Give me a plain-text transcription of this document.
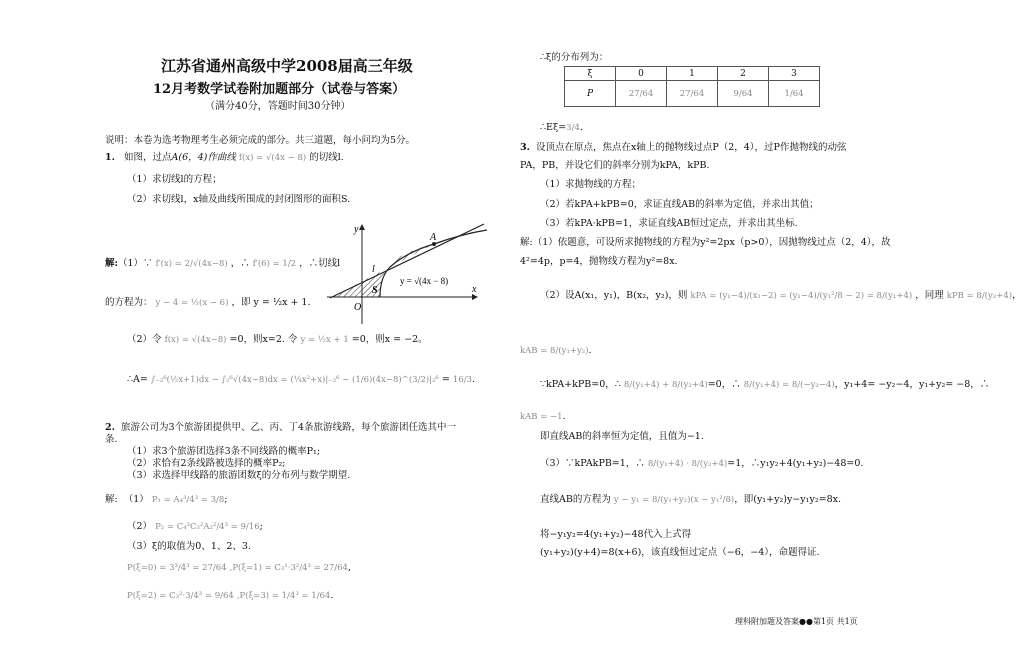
江苏省通州高级中学2008届高三年级
12月考数学试卷附加题部分（试卷与答案）
（满分40分，答题时间30分钟）
说明：本卷为选考物理考生必须完成的部分。共三道题，每小问均为5分。
1. 如图，过点A(6，4)作曲线 f(x) = √(4x − 8) 的切线l.
（1）求切线l的方程；
（2）求切线l，x轴及曲线所围成的封闭图形的面积S.
y
x
O
A
l
S
y = √(4x − 8)
解:（1）∵ f′(x) = 2/√(4x−8) ，∴ f′(6) = 1/2 ，∴切线l
的方程为： y − 4 = ½(x − 6) ，即 y = ½x + 1.
（2）令 f(x) = √(4x−8) =0，则x=2. 令 y = ½x + 1 =0，则x = −2。
∴A= ∫₋₂⁶(½x+1)dx − ∫₂⁶√(4x−8)dx = (¼x²+x)|₋₂⁶ − (1/6)(4x−8)^(3/2)|₂⁶ = 16/3.
2. 旅游公司为3个旅游团提供甲、乙、丙、丁4条旅游线路，每个旅游团任选其中一
条.
（1）求3个旅游团选择3条不同线路的概率P₁;
（2）求恰有2条线路被选择的概率P₂;
（3）求选择甲线路的旅游团数ξ的分布列与数学期望.
解: （1） P₁ = A₄³/4³ = 3/8;
（2） P₂ = C₄²C₃²A₂²/4³ = 9/16;
（3）ξ的取值为0、1、2、3.
P(ξ=0) = 3³/4³ = 27/64 ,P(ξ=1) = C₃¹·3²/4³ = 27/64,
P(ξ=2) = C₃²·3/4³ = 9/64 ,P(ξ=3) = 1/4³ = 1/64.
∴ξ的分布列为：
ξ	0	1	2	3
P	27/64	27/64	9/64	1/64
∴Eξ=3/4.
3. 设顶点在原点，焦点在x轴上的抛物线过点P（2，4），过P作抛物线的动弦
PA，PB，并设它们的斜率分别为kPA，kPB.
（1）求抛物线的方程；
（2）若kPA+kPB=0，求证直线AB的斜率为定值，并求出其值；
（3）若kPA·kPB=1，求证直线AB恒过定点，并求出其坐标.
解:（1）依题意，可设所求抛物线的方程为y²=2px（p>0），因抛物线过点（2，4），故
4²=4p，p=4，抛物线方程为y²=8x.
（2）设A(x₁，y₁)，B(x₂，y₂)，则 kPA = (y₁−4)/(x₁−2) = (y₁−4)/(y₁²/8 − 2) = 8/(y₁+4) ，同理 kPB = 8/(y₂+4)，
kAB = 8/(y₁+y₂).
∵kPA+kPB=0，∴ 8/(y₁+4) + 8/(y₂+4)=0，∴ 8/(y₁+4) = 8/(−y₂−4)，y₁+4= −y₂−4，y₁+y₂= −8，∴
kAB = −1.
即直线AB的斜率恒为定值，且值为−1.
（3）∵kPAkPB=1，∴ 8/(y₁+4) · 8/(y₂+4)=1，∴y₁y₂+4(y₁+y₂)−48=0.
直线AB的方程为 y − y₁ = 8/(y₁+y₂)(x − y₁²/8)，即(y₁+y₂)y−y₁y₂=8x.
将−y₁y₂=4(y₁+y₂)−48代入上式得
(y₁+y₂)(y+4)=8(x+6)，该直线恒过定点（−6，−4），命题得证.
理科附加题及答案●●第1页 共1页
